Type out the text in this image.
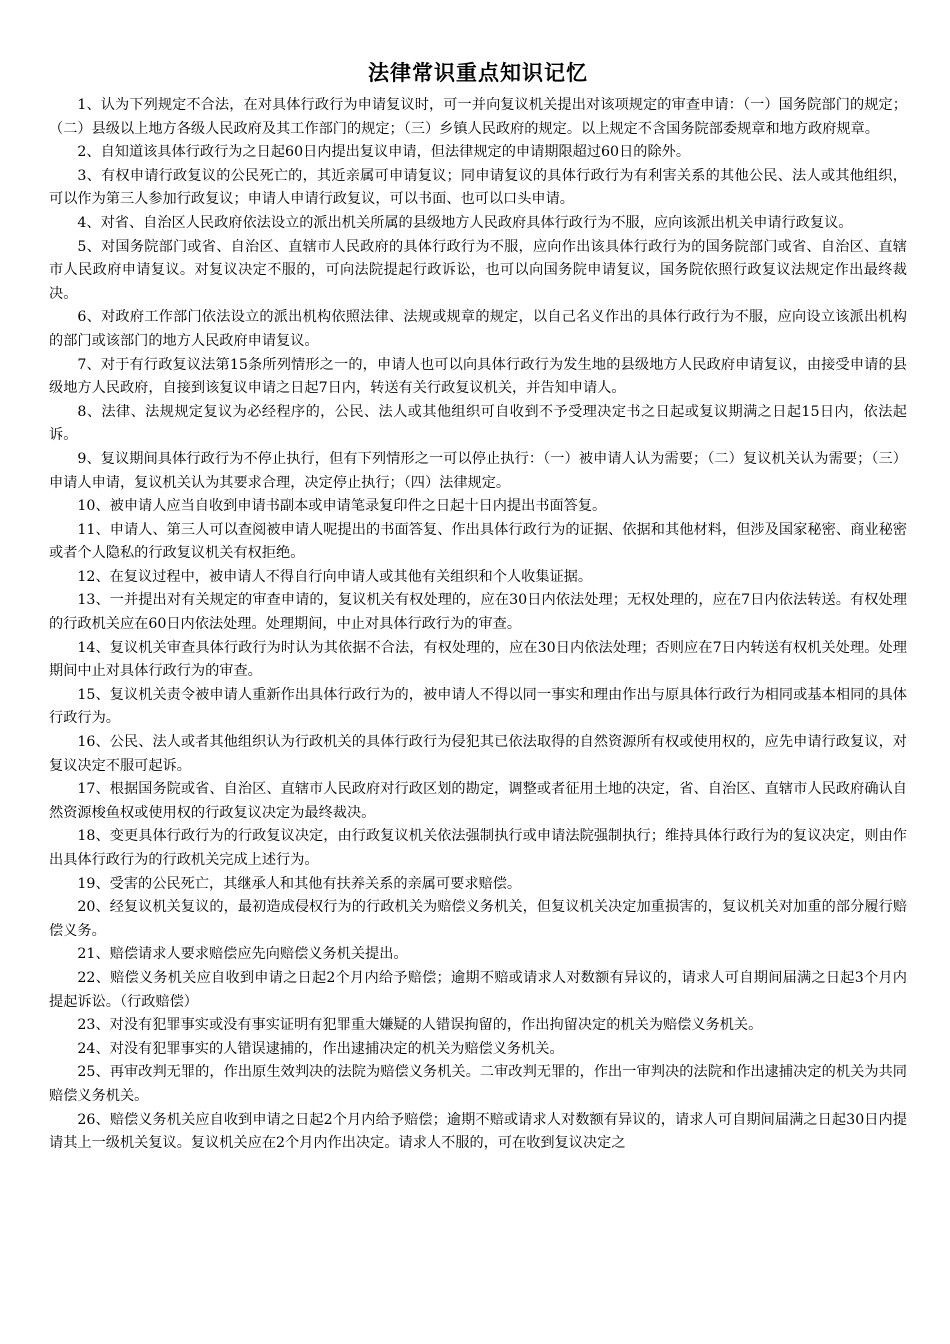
法律常识重点知识记忆

1、认为下列规定不合法，在对具体行政行为申请复议时，可一并向复议机关提出对该项规定的审查申请：（一）国务院部门的规定；（二）县级以上地方各级人民政府及其工作部门的规定；（三）乡镇人民政府的规定。以上规定不含国务院部委规章和地方政府规章。

2、自知道该具体行政行为之日起60日内提出复议申请，但法律规定的申请期限超过60日的除外。

3、有权申请行政复议的公民死亡的，其近亲属可申请复议；同申请复议的具体行政行为有利害关系的其他公民、法人或其他组织，可以作为第三人参加行政复议；申请人申请行政复议，可以书面、也可以口头申请。

4、对省、自治区人民政府依法设立的派出机关所属的县级地方人民政府具体行政行为不服，应向该派出机关申请行政复议。

5、对国务院部门或省、自治区、直辖市人民政府的具体行政行为不服，应向作出该具体行政行为的国务院部门或省、自治区、直辖市人民政府申请复议。对复议决定不服的，可向法院提起行政诉讼，也可以向国务院申请复议，国务院依照行政复议法规定作出最终裁决。

6、对政府工作部门依法设立的派出机构依照法律、法规或规章的规定，以自己名义作出的具体行政行为不服，应向设立该派出机构的部门或该部门的地方人民政府申请复议。

7、对于有行政复议法第15条所列情形之一的，申请人也可以向具体行政行为发生地的县级地方人民政府申请复议，由接受申请的县级地方人民政府，自接到该复议申请之日起7日内，转送有关行政复议机关，并告知申请人。

8、法律、法规规定复议为必经程序的，公民、法人或其他组织可自收到不予受理决定书之日起或复议期满之日起15日内，依法起诉。

9、复议期间具体行政行为不停止执行，但有下列情形之一可以停止执行：（一）被申请人认为需要；（二）复议机关认为需要；（三）申请人申请，复议机关认为其要求合理，决定停止执行；（四）法律规定。

10、被申请人应当自收到申请书副本或申请笔录复印件之日起十日内提出书面答复。

11、申请人、第三人可以查阅被申请人呢提出的书面答复、作出具体行政行为的证据、依据和其他材料，但涉及国家秘密、商业秘密或者个人隐私的行政复议机关有权拒绝。

12、在复议过程中，被申请人不得自行向申请人或其他有关组织和个人收集证据。

13、一并提出对有关规定的审查申请的，复议机关有权处理的，应在30日内依法处理；无权处理的，应在7日内依法转送。有权处理的行政机关应在60日内依法处理。处理期间，中止对具体行政行为的审查。

14、复议机关审查具体行政行为时认为其依据不合法，有权处理的，应在30日内依法处理；否则应在7日内转送有权机关处理。处理期间中止对具体行政行为的审查。

15、复议机关责令被申请人重新作出具体行政行为的，被申请人不得以同一事实和理由作出与原具体行政行为相同或基本相同的具体行政行为。

16、公民、法人或者其他组织认为行政机关的具体行政行为侵犯其已依法取得的自然资源所有权或使用权的，应先申请行政复议，对复议决定不服可起诉。

17、根据国务院或省、自治区、直辖市人民政府对行政区划的勘定，调整或者征用土地的决定，省、自治区、直辖市人民政府确认自然资源梭鱼权或使用权的行政复议决定为最终裁决。

18、变更具体行政行为的行政复议决定，由行政复议机关依法强制执行或申请法院强制执行；维持具体行政行为的复议决定，则由作出具体行政行为的行政机关完成上述行为。

19、受害的公民死亡，其继承人和其他有扶养关系的亲属可要求赔偿。

20、经复议机关复议的，最初造成侵权行为的行政机关为赔偿义务机关，但复议机关决定加重损害的，复议机关对加重的部分履行赔偿义务。

21、赔偿请求人要求赔偿应先向赔偿义务机关提出。

22、赔偿义务机关应自收到申请之日起2个月内给予赔偿；逾期不赔或请求人对数额有异议的，请求人可自期间届满之日起3个月内提起诉讼。（行政赔偿）

23、对没有犯罪事实或没有事实证明有犯罪重大嫌疑的人错误拘留的，作出拘留决定的机关为赔偿义务机关。

24、对没有犯罪事实的人错误逮捕的，作出逮捕决定的机关为赔偿义务机关。

25、再审改判无罪的，作出原生效判决的法院为赔偿义务机关。二审改判无罪的，作出一审判决的法院和作出逮捕决定的机关为共同赔偿义务机关。

26、赔偿义务机关应自收到申请之日起2个月内给予赔偿；逾期不赔或请求人对数额有异议的，请求人可自期间届满之日起30日内提请其上一级机关复议。复议机关应在2个月内作出决定。请求人不服的，可在收到复议决定之
